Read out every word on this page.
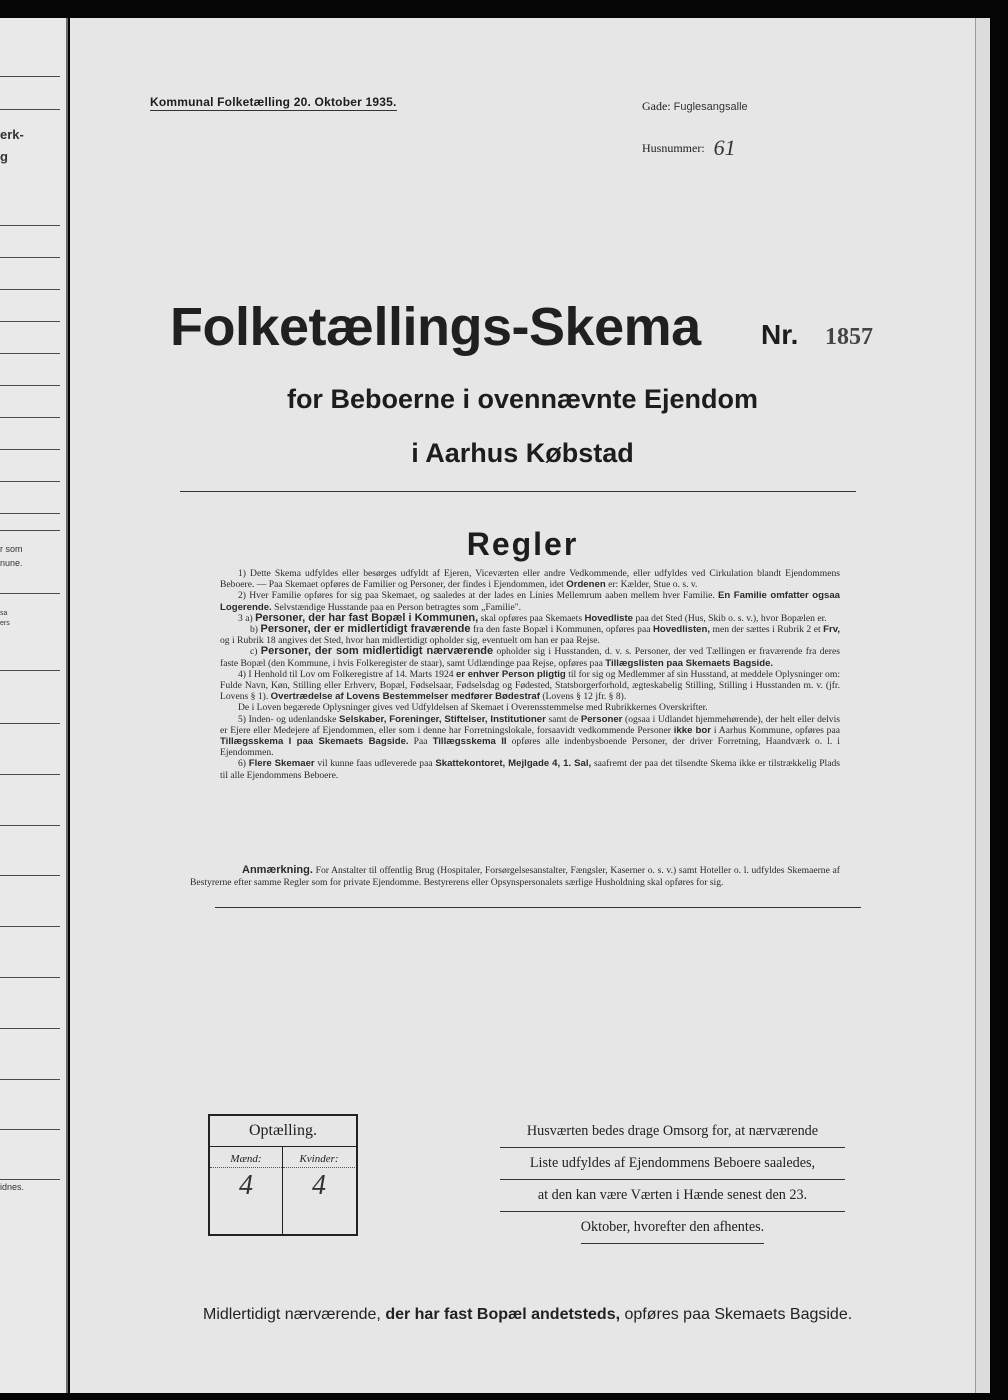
erk-
g
r som
nune.
sa
ers
idnes.
Kommunal Folketælling 20. Oktober 1935.	Gade: Fuglesangsalle
Husnummer: 61
Folketællings-Skema Nr. 1857
for Beboerne i ovennævnte Ejendom
i Aarhus Købstad
Regler

1) Dette Skema udfyldes eller besørges udfyldt af Ejeren, Viceværten eller andre Vedkommende, eller udfyldes ved Cirkulation blandt Ejendommens Beboere. — Paa Skemaet opføres de Familier og Personer, der findes i Ejendommen, idet Ordenen er: Kælder, Stue o. s. v.

2) Hver Familie opføres for sig paa Skemaet, og saaledes at der lades en Linies Mellemrum aaben mellem hver Familie. En Familie omfatter ogsaa Logerende. Selvstændige Husstande paa en Person betragtes som „Familie".

3 a) Personer, der har fast Bopæl i Kommunen, skal opføres paa Skemaets Hovedliste paa det Sted (Hus, Skib o. s. v.), hvor Bopælen er.

b) Personer, der er midlertidigt fraværende fra den faste Bopæl i Kommunen, opføres paa Hovedlisten, men der sættes i Rubrik 2 et Frv, og i Rubrik 18 angives det Sted, hvor han midlertidigt opholder sig, eventuelt om han er paa Rejse.

c) Personer, der som midlertidigt nærværende opholder sig i Husstanden, d. v. s. Personer, der ved Tællingen er fraværende fra deres faste Bopæl (den Kommune, i hvis Folkeregister de staar), samt Udlændinge paa Rejse, opføres paa Tillægslisten paa Skemaets Bagside.

4) I Henhold til Lov om Folkeregistre af 14. Marts 1924 er enhver Person pligtig til for sig og Medlemmer af sin Husstand, at meddele Oplysninger om: Fulde Navn, Køn, Stilling eller Erhverv, Bopæl, Fødselsaar, Fødselsdag og Fødested, Statsborgerforhold, ægteskabelig Stilling, Stilling i Husstanden m. v. (jfr. Lovens § 1). Overtrædelse af Lovens Bestemmelser medfører Bødestraf (Lovens § 12 jfr. § 8).

De i Loven begærede Oplysninger gives ved Udfyldelsen af Skemaet i Overensstemmelse med Rubrikkernes Overskrifter.

5) Inden- og udenlandske Selskaber, Foreninger, Stiftelser, Institutioner samt de Personer (ogsaa i Udlandet hjemmehørende), der helt eller delvis er Ejere eller Medejere af Ejendommen, eller som i denne har Forretningslokale, forsaavidt vedkommende Personer ikke bor i Aarhus Kommune, opføres paa Tillægsskema I paa Skemaets Bagside. Paa Tillægsskema II opføres alle indenbysboende Personer, der driver Forretning, Haandværk o. l. i Ejendommen.

6) Flere Skemaer vil kunne faas udleverede paa Skattekontoret, Mejlgade 4, 1. Sal, saafremt der paa det tilsendte Skema ikke er tilstrækkelig Plads til alle Ejendommens Beboere.

Anmærkning. For Anstalter til offentlig Brug (Hospitaler, Forsørgelsesanstalter, Fængsler, Kaserner o. s. v.) samt Hoteller o. l. udfyldes Skemaerne af Bestyrerne efter samme Regler som for private Ejendomme. Bestyrerens eller Opsynspersonalets særlige Husholdning skal opføres for sig.

Optælling.
Mænd:
4
Kvinder:
4
Husværten bedes drage Omsorg for, at nærværende
Liste udfyldes af Ejendommens Beboere saaledes,
at den kan være Værten i Hænde senest den 23.
Oktober, hvorefter den afhentes.
Midlertidigt nærværende, der har fast Bopæl andetsteds, opføres paa Skemaets Bagside.
